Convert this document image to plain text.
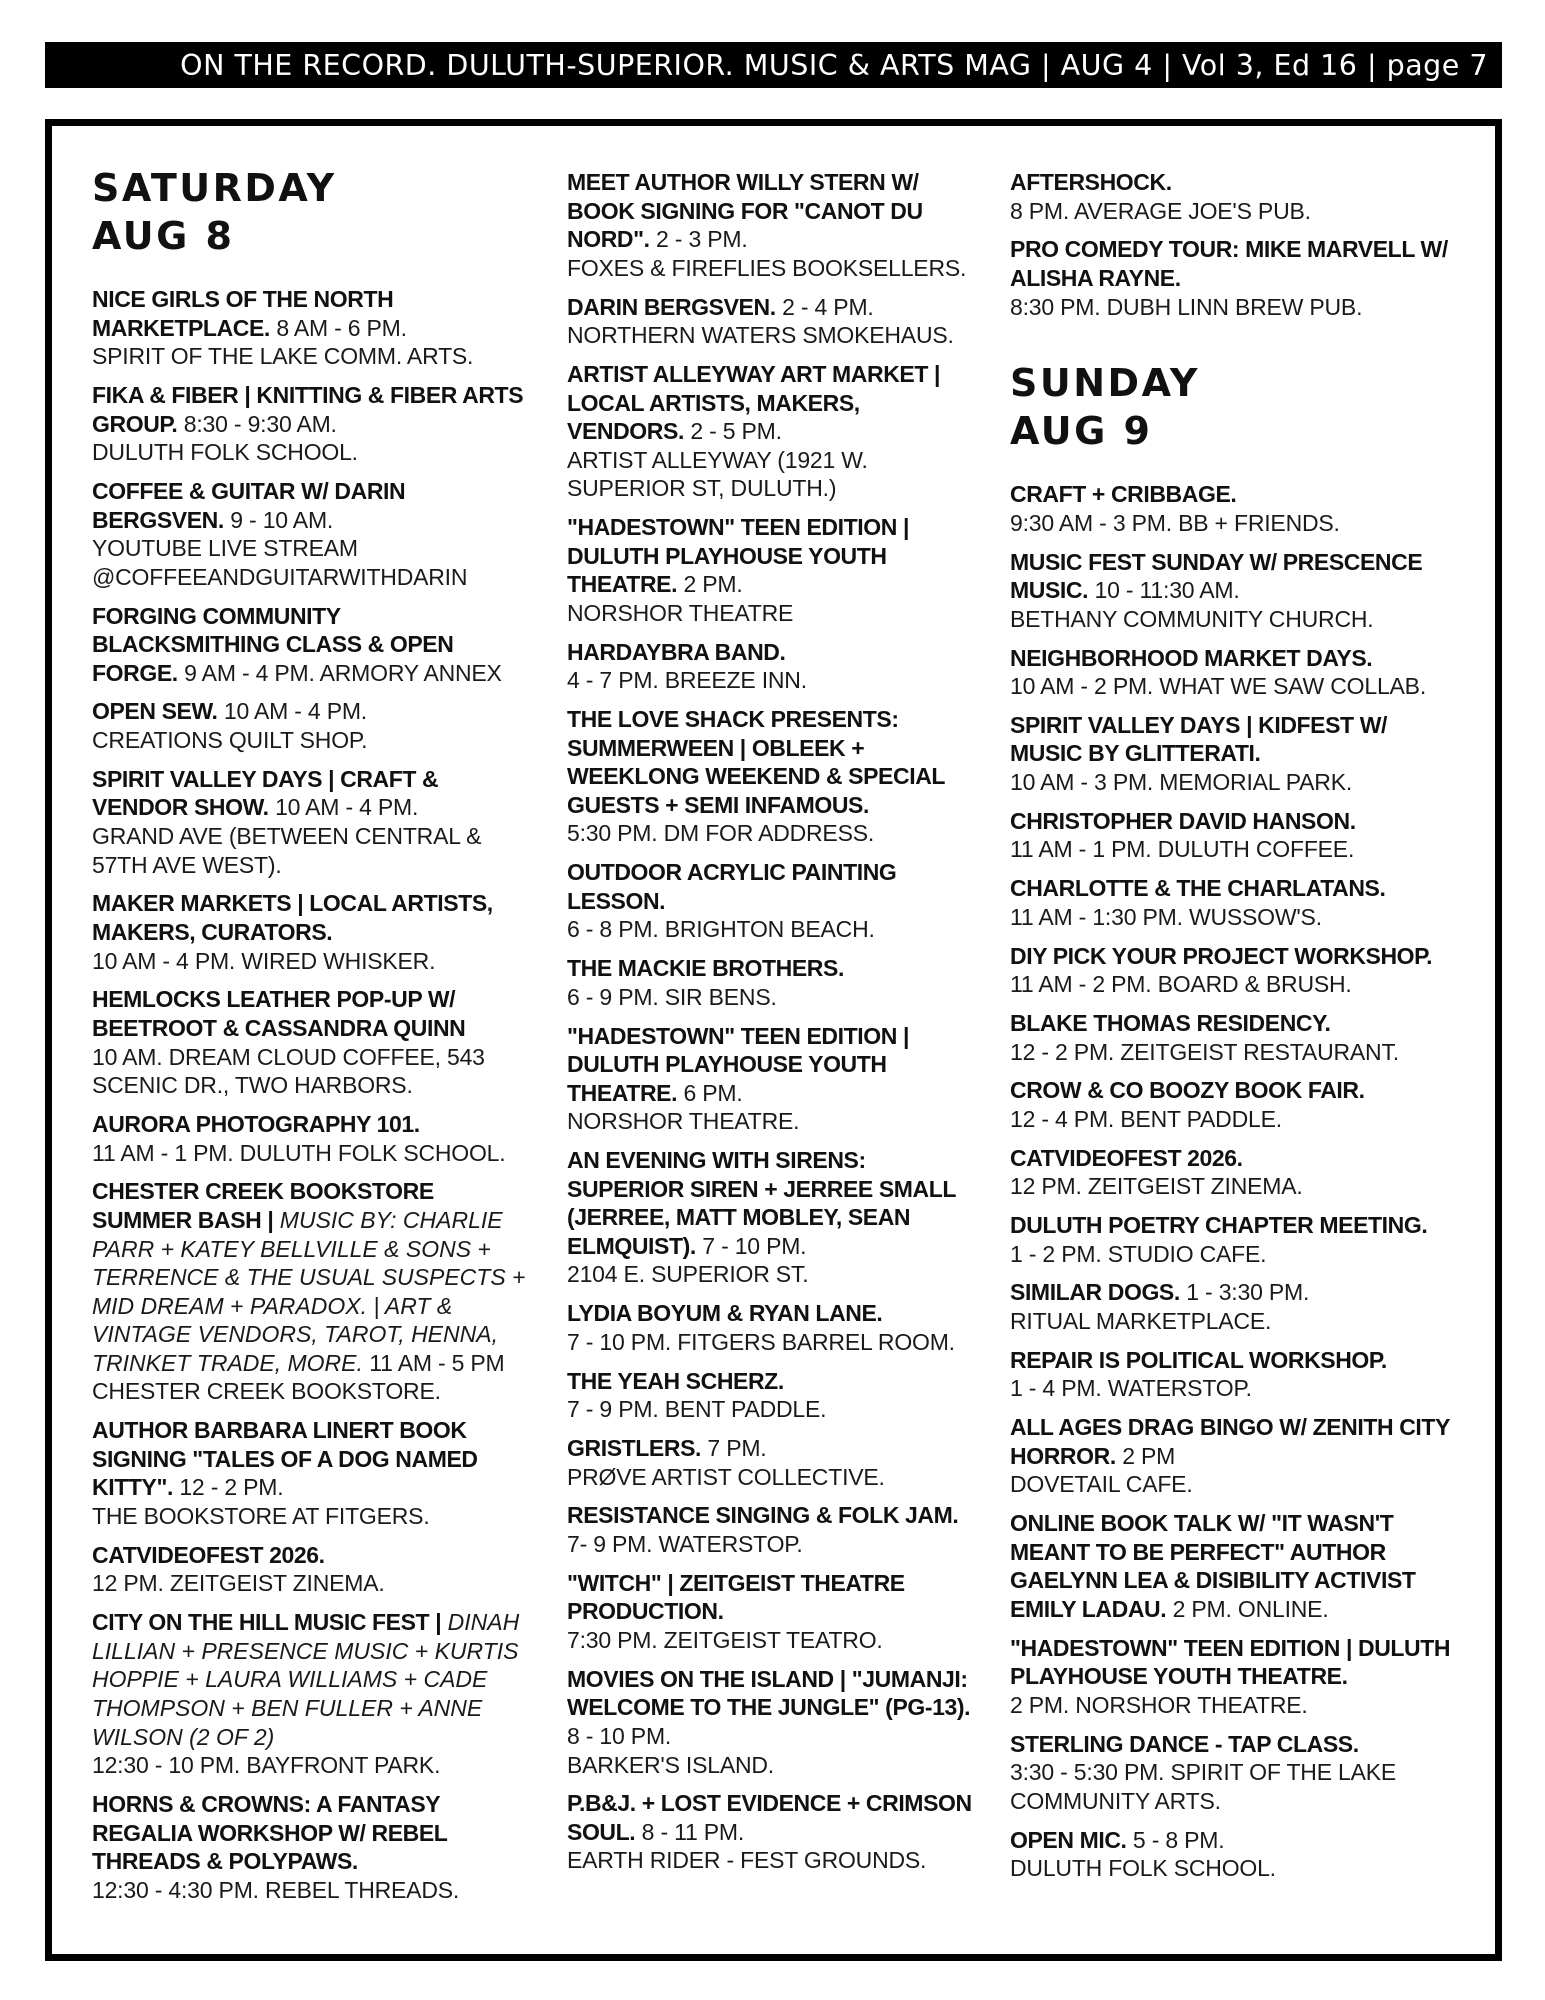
ON THE RECORD. DULUTH-SUPERIOR. MUSIC & ARTS MAG | AUG 4 | Vol 3, Ed 16 | page 7
SATURDAY
AUG 8
NICE GIRLS OF THE NORTH MARKETPLACE. 8 AM - 6 PM.
SPIRIT OF THE LAKE COMM. ARTS.
FIKA & FIBER | KNITTING & FIBER ARTS GROUP. 8:30 - 9:30 AM.
DULUTH FOLK SCHOOL.
COFFEE & GUITAR W/ DARIN BERGSVEN. 9 - 10 AM.
YOUTUBE LIVE STREAM @COFFEEANDGUITARWITHDARIN
FORGING COMMUNITY BLACKSMITHING CLASS & OPEN FORGE. 9 AM - 4 PM. ARMORY ANNEX
OPEN SEW. 10 AM - 4 PM.
CREATIONS QUILT SHOP.
SPIRIT VALLEY DAYS | CRAFT & VENDOR SHOW. 10 AM - 4 PM.
GRAND AVE (BETWEEN CENTRAL & 57TH AVE WEST).
MAKER MARKETS | LOCAL ARTISTS, MAKERS, CURATORS.
10 AM - 4 PM. WIRED WHISKER.
HEMLOCKS LEATHER POP-UP W/ BEETROOT & CASSANDRA QUINN
10 AM. DREAM CLOUD COFFEE, 543 SCENIC DR., TWO HARBORS.
AURORA PHOTOGRAPHY 101.
11 AM - 1 PM. DULUTH FOLK SCHOOL.
CHESTER CREEK BOOKSTORE SUMMER BASH | MUSIC BY: CHARLIE PARR + KATEY BELLVILLE & SONS + TERRENCE & THE USUAL SUSPECTS + MID DREAM + PARADOX. | ART & VINTAGE VENDORS, TAROT, HENNA, TRINKET TRADE, MORE. 11 AM - 5 PM
CHESTER CREEK BOOKSTORE.
AUTHOR BARBARA LINERT BOOK SIGNING "TALES OF A DOG NAMED KITTY". 12 - 2 PM.
THE BOOKSTORE AT FITGERS.
CATVIDEOFEST 2026.
12 PM. ZEITGEIST ZINEMA.
CITY ON THE HILL MUSIC FEST | DINAH LILLIAN + PRESENCE MUSIC + KURTIS HOPPIE + LAURA WILLIAMS + CADE THOMPSON + BEN FULLER + ANNE WILSON (2 OF 2)
12:30 - 10 PM. BAYFRONT PARK.
HORNS & CROWNS: A FANTASY REGALIA WORKSHOP W/ REBEL THREADS & POLYPAWS.
12:30 - 4:30 PM. REBEL THREADS.
MEET AUTHOR WILLY STERN W/ BOOK SIGNING FOR "CANOT DU NORD". 2 - 3 PM.
FOXES & FIREFLIES BOOKSELLERS.
DARIN BERGSVEN. 2 - 4 PM.
NORTHERN WATERS SMOKEHAUS.
ARTIST ALLEYWAY ART MARKET | LOCAL ARTISTS, MAKERS, VENDORS. 2 - 5 PM.
ARTIST ALLEYWAY (1921 W. SUPERIOR ST, DULUTH.)
"HADESTOWN" TEEN EDITION | DULUTH PLAYHOUSE YOUTH THEATRE. 2 PM.
NORSHOR THEATRE
HARDAYBRA BAND.
4 - 7 PM. BREEZE INN.
THE LOVE SHACK PRESENTS: SUMMERWEEN | OBLEEK + WEEKLONG WEEKEND & SPECIAL GUESTS + SEMI INFAMOUS.
5:30 PM. DM FOR ADDRESS.
OUTDOOR ACRYLIC PAINTING LESSON.
6 - 8 PM. BRIGHTON BEACH.
THE MACKIE BROTHERS.
6 - 9 PM. SIR BENS.
"HADESTOWN" TEEN EDITION | DULUTH PLAYHOUSE YOUTH THEATRE. 6 PM.
NORSHOR THEATRE.
AN EVENING WITH SIRENS: SUPERIOR SIREN + JERREE SMALL (JERREE, MATT MOBLEY, SEAN ELMQUIST). 7 - 10 PM.
2104 E. SUPERIOR ST.
LYDIA BOYUM & RYAN LANE.
7 - 10 PM. FITGERS BARREL ROOM.
THE YEAH SCHERZ.
7 - 9 PM. BENT PADDLE.
GRISTLERS. 7 PM.
PRØVE ARTIST COLLECTIVE.
RESISTANCE SINGING & FOLK JAM. 7- 9 PM. WATERSTOP.
"WITCH" | ZEITGEIST THEATRE PRODUCTION.
7:30 PM. ZEITGEIST TEATRO.
MOVIES ON THE ISLAND | "JUMANJI: WELCOME TO THE JUNGLE" (PG-13). 8 - 10 PM.
BARKER'S ISLAND.
P.B&J. + LOST EVIDENCE + CRIMSON SOUL. 8 - 11 PM.
EARTH RIDER - FEST GROUNDS.
AFTERSHOCK.
8 PM. AVERAGE JOE'S PUB.
PRO COMEDY TOUR: MIKE MARVELL W/ ALISHA RAYNE.
8:30 PM. DUBH LINN BREW PUB.
SUNDAY
AUG 9
CRAFT + CRIBBAGE.
9:30 AM - 3 PM. BB + FRIENDS.
MUSIC FEST SUNDAY W/ PRESCENCE MUSIC. 10 - 11:30 AM.
BETHANY COMMUNITY CHURCH.
NEIGHBORHOOD MARKET DAYS.
10 AM - 2 PM. WHAT WE SAW COLLAB.
SPIRIT VALLEY DAYS | KIDFEST W/ MUSIC BY GLITTERATI.
10 AM - 3 PM. MEMORIAL PARK.
CHRISTOPHER DAVID HANSON.
11 AM - 1 PM. DULUTH COFFEE.
CHARLOTTE & THE CHARLATANS.
11 AM - 1:30 PM. WUSSOW'S.
DIY PICK YOUR PROJECT WORKSHOP.
11 AM - 2 PM. BOARD & BRUSH.
BLAKE THOMAS RESIDENCY.
12 - 2 PM. ZEITGEIST RESTAURANT.
CROW & CO BOOZY BOOK FAIR.
12 - 4 PM. BENT PADDLE.
CATVIDEOFEST 2026.
12 PM. ZEITGEIST ZINEMA.
DULUTH POETRY CHAPTER MEETING.
1 - 2 PM. STUDIO CAFE.
SIMILAR DOGS. 1 - 3:30 PM.
RITUAL MARKETPLACE.
REPAIR IS POLITICAL WORKSHOP.
1 - 4 PM. WATERSTOP.
ALL AGES DRAG BINGO W/ ZENITH CITY HORROR. 2 PM
DOVETAIL CAFE.
ONLINE BOOK TALK W/ "IT WASN'T MEANT TO BE PERFECT" AUTHOR GAELYNN LEA & DISIBILITY ACTIVIST EMILY LADAU. 2 PM. ONLINE.
"HADESTOWN" TEEN EDITION | DULUTH PLAYHOUSE YOUTH THEATRE.
2 PM. NORSHOR THEATRE.
STERLING DANCE - TAP CLASS.
3:30 - 5:30 PM. SPIRIT OF THE LAKE COMMUNITY ARTS.
OPEN MIC. 5 - 8 PM.
DULUTH FOLK SCHOOL.
